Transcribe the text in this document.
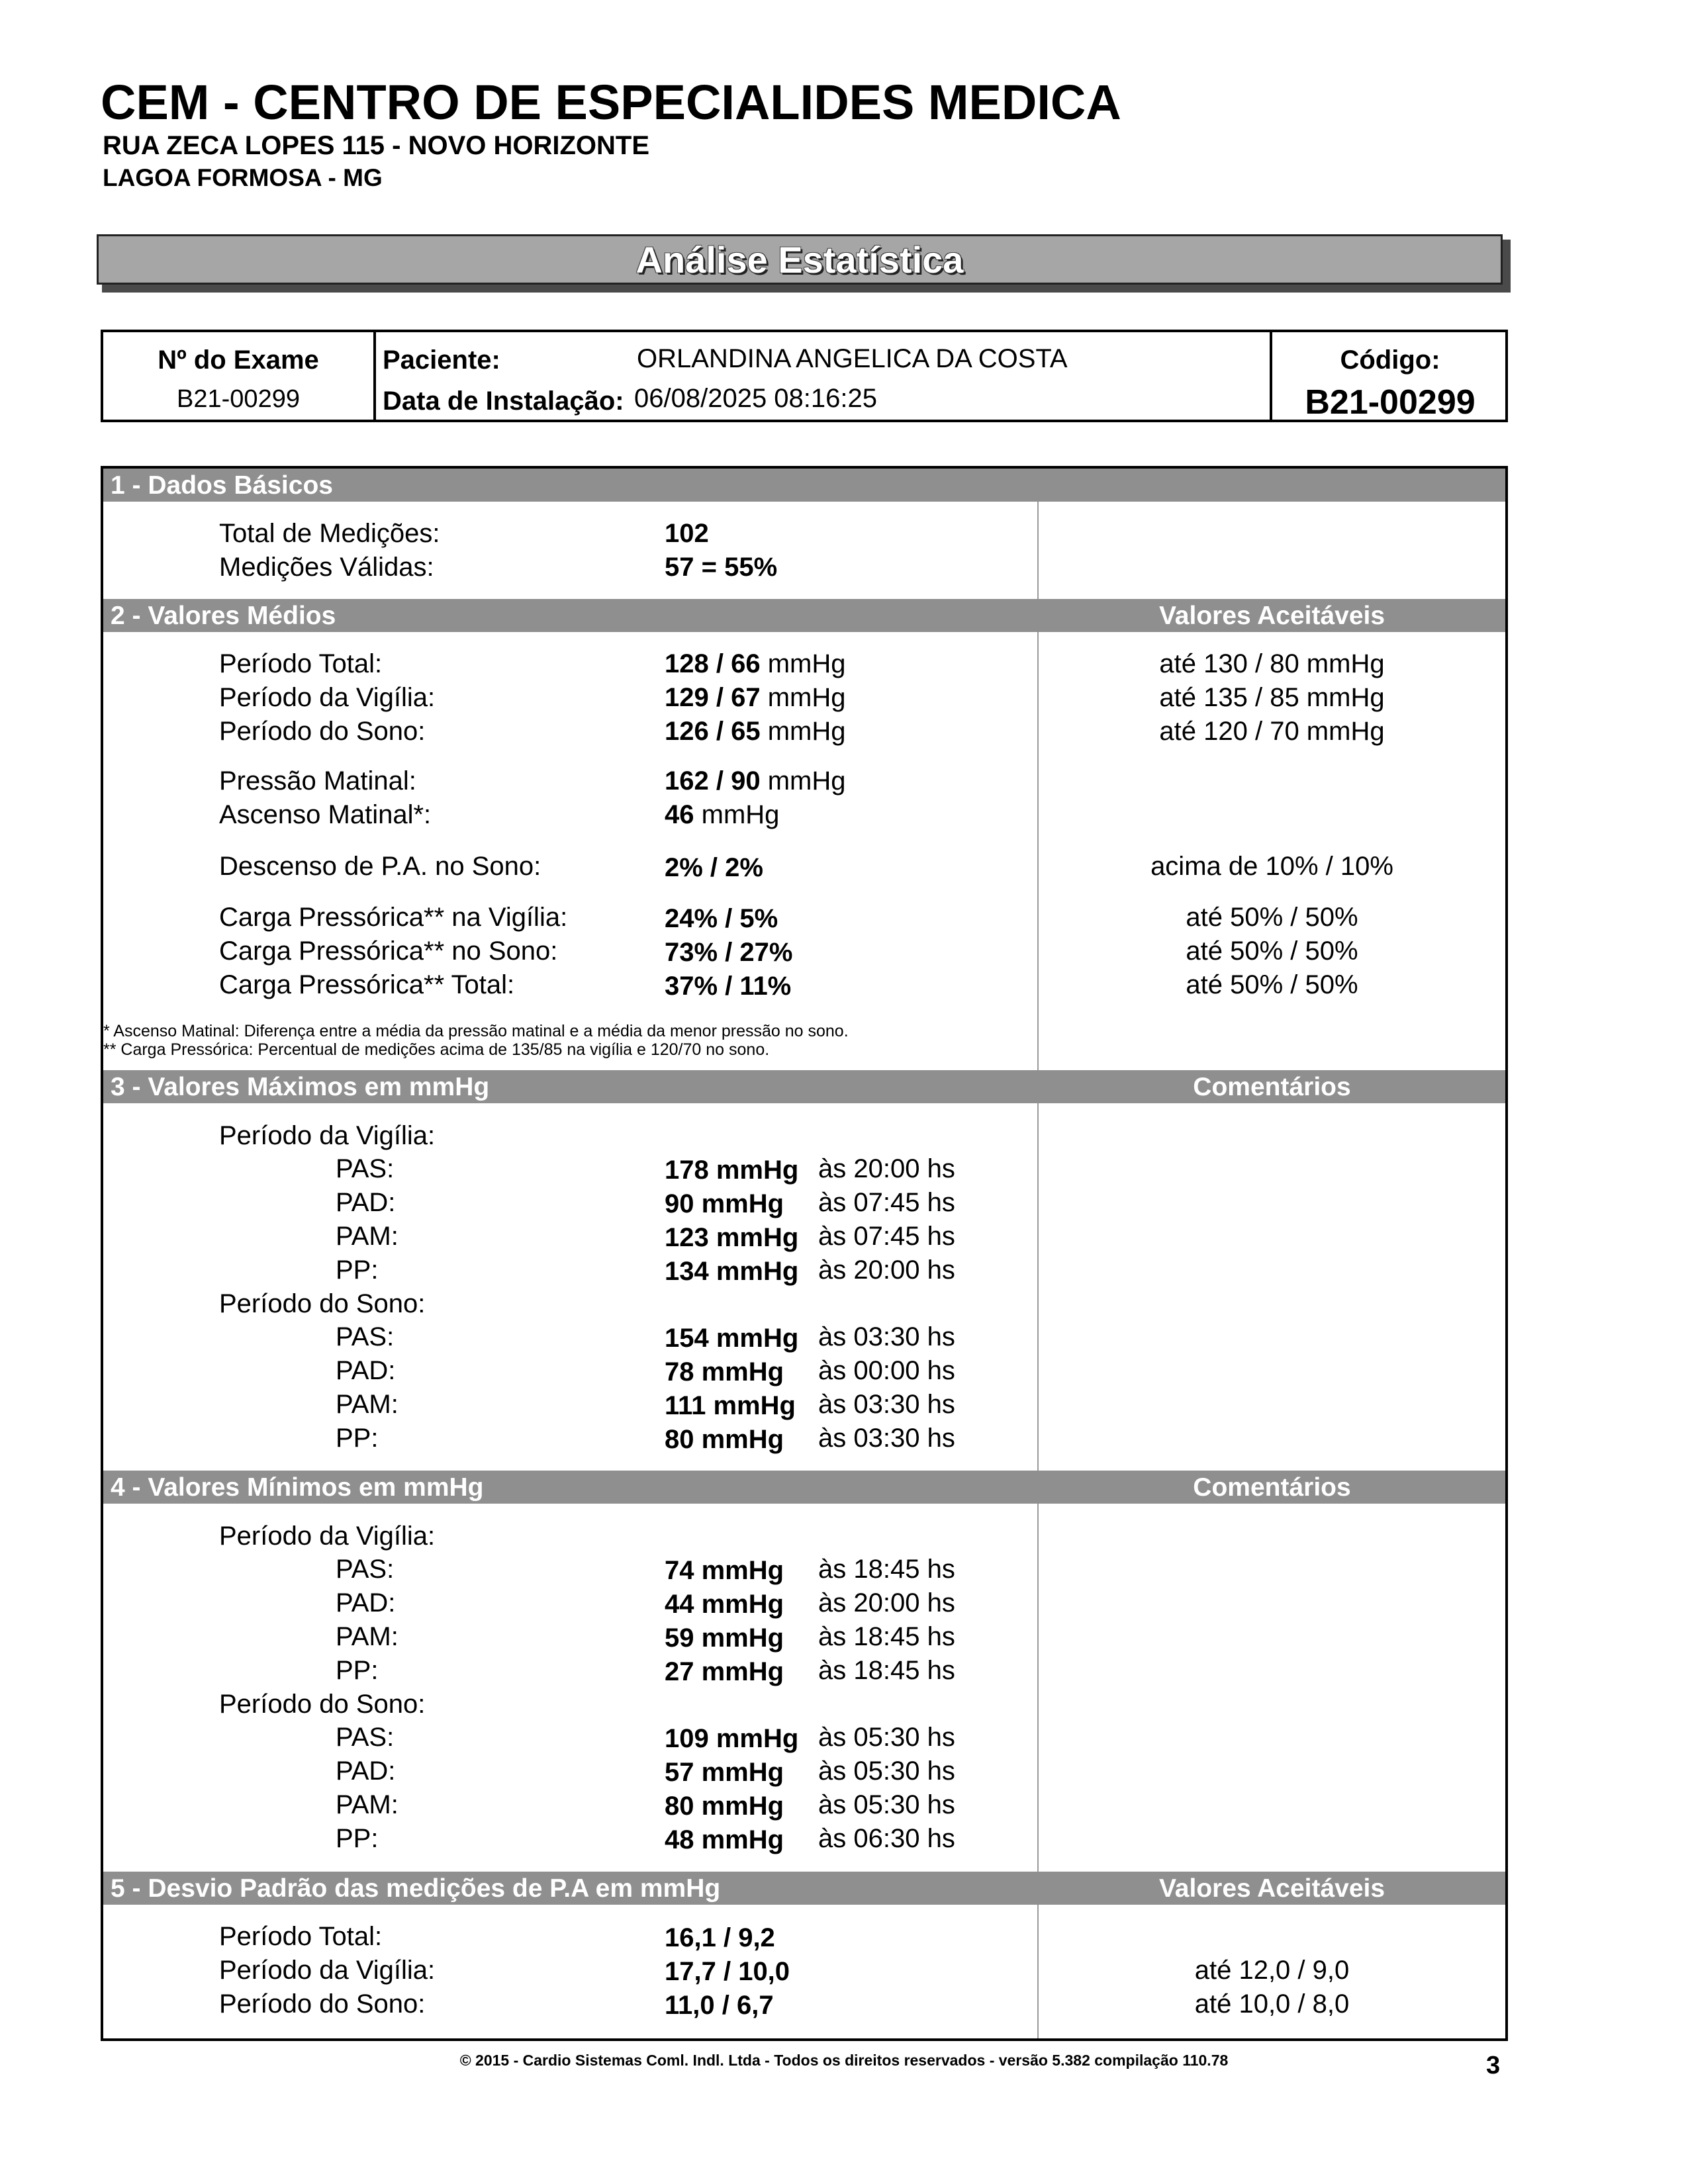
CEM - CENTRO DE ESPECIALIDES MEDICA
RUA ZECA LOPES 115 - NOVO HORIZONTE
LAGOA FORMOSA - MG
Análise Estatística
Nº do Exame
B21-00299
Paciente:	ORLANDINA ANGELICA DA COSTA
Data de Instalação: 06/08/2025 08:16:25
Código:
B21-00299
1 - Dados Básicos
Total de Medições:	102
Medições Válidas:	57 = 55%
2 - Valores Médios	Valores Aceitáveis
Período Total:	128 / 66 mmHg	até 130 / 80 mmHg
Período da Vigília:	129 / 67 mmHg	até 135 / 85 mmHg
Período do Sono:	126 / 65 mmHg	até 120 / 70 mmHg
Pressão Matinal:	162 / 90 mmHg
Ascenso Matinal*:	46 mmHg
Descenso de P.A. no Sono:	2% / 2%	acima de 10% / 10%
Carga Pressórica** na Vigília:	24% / 5%	até 50% / 50%
Carga Pressórica** no Sono:	73% / 27%	até 50% / 50%
Carga Pressórica** Total:	37% / 11%	até 50% / 50%
* Ascenso Matinal: Diferença entre a média da pressão matinal e a média da menor pressão no sono.
** Carga Pressórica: Percentual de medições acima de 135/85 na vigília e 120/70 no sono.
3 - Valores Máximos em mmHg	Comentários
Período da Vigília:
PAS:	178 mmHg às 20:00 hs
PAD:	90 mmHg às 07:45 hs
PAM:	123 mmHg às 07:45 hs
PP:	134 mmHg às 20:00 hs
Período do Sono:
PAS:	154 mmHg às 03:30 hs
PAD:	78 mmHg às 00:00 hs
PAM:	111 mmHg às 03:30 hs
PP:	80 mmHg às 03:30 hs
4 - Valores Mínimos em mmHg	Comentários
Período da Vigília:
PAS:	74 mmHg às 18:45 hs
PAD:	44 mmHg às 20:00 hs
PAM:	59 mmHg às 18:45 hs
PP:	27 mmHg às 18:45 hs
Período do Sono:
PAS:	109 mmHg às 05:30 hs
PAD:	57 mmHg às 05:30 hs
PAM:	80 mmHg às 05:30 hs
PP:	48 mmHg às 06:30 hs
5 - Desvio Padrão das medições de P.A em mmHg	Valores Aceitáveis
Período Total:	16,1 / 9,2
Período da Vigília:	17,7 / 10,0	até 12,0 / 9,0
Período do Sono:	11,0 / 6,7	até 10,0 / 8,0
© 2015 - Cardio Sistemas Coml. Indl. Ltda - Todos os direitos reservados - versão 5.382 compilação 110.78	3
